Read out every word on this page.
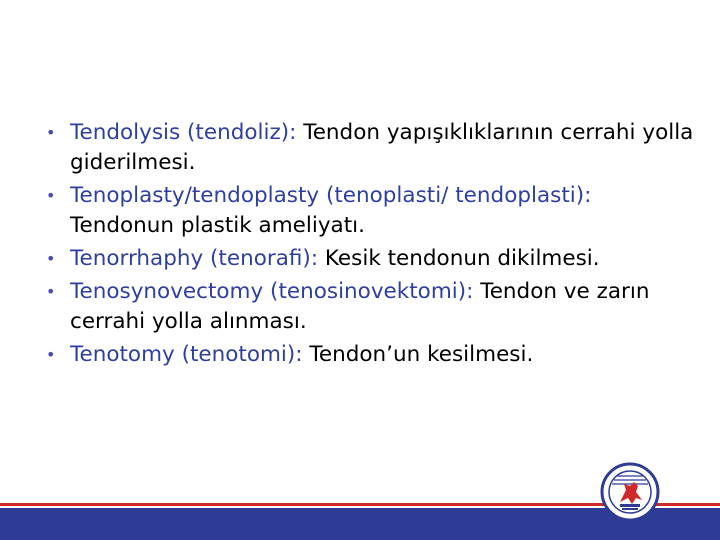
• Tendolysis (tendoliz): Tendon yapışıklıklarının cerrahi yolla giderilmesi.
• Tenoplasty/tendoplasty (tenoplasti/ tendoplasti): Tendonun plastik ameliyatı.
• Tenorrhaphy (tenorafi): Kesik tendonun dikilmesi.
• Tenosynovectomy (tenosinovektomi): Tendon ve zarın cerrahi yolla alınması.
• Tenotomy (tenotomi): Tendon’un kesilmesi.
